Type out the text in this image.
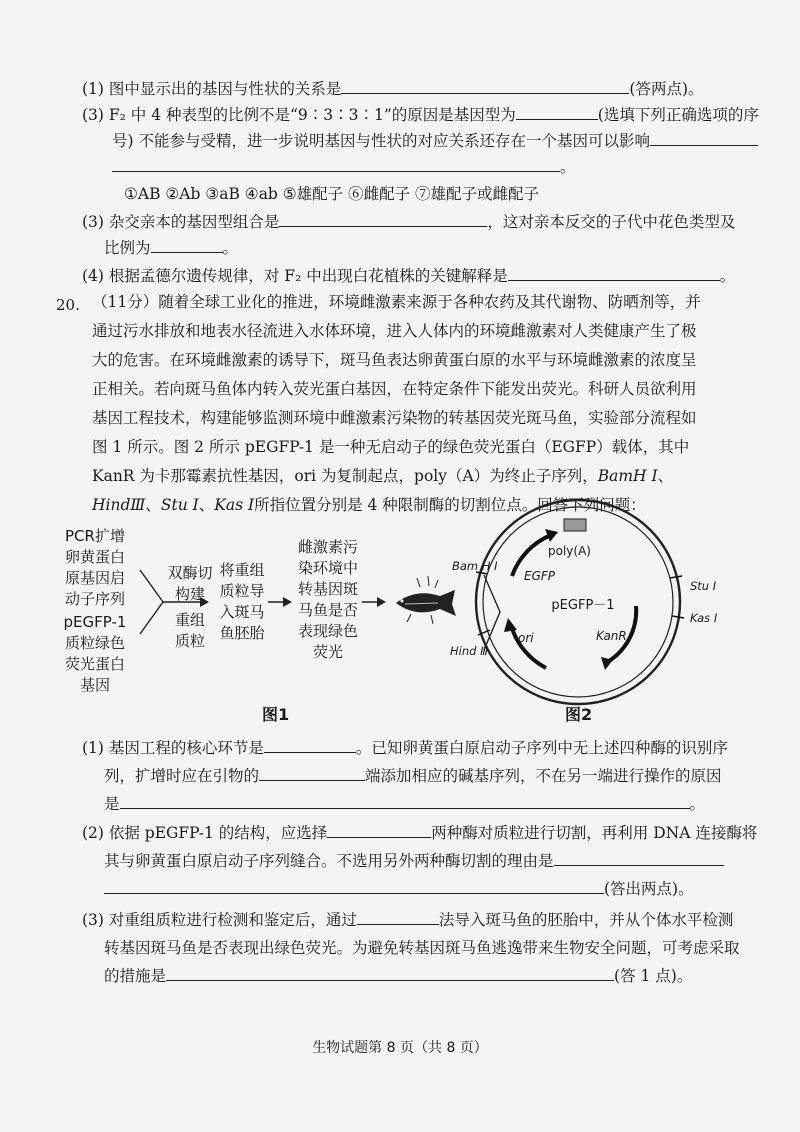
(1) 图中显示出的基因与性状的关系是	(答两点)。
(3) F₂ 中 4 种表型的比例不是“9∶3∶3∶1”的原因是基因型为	(选填下列正确选项的序
号) 不能参与受精，进一步说明基因与性状的对应关系还存在一个基因可以影响
。
①AB ②Ab ③aB ④ab ⑤雄配子 ⑥雌配子 ⑦雄配子或雌配子
(3) 杂交亲本的基因型组合是	，这对亲本反交的子代中花色类型及
比例为	。
(4) 根据孟德尔遗传规律，对 F₂ 中出现白花植株的关键解释是	。
20. （11分）随着全球工业化的推进，环境雌激素来源于各种农药及其代谢物、防晒剂等，并通过污水排放和地表水径流进入水体环境，进入人体内的环境雌激素对人类健康产生了极大的危害。在环境雌激素的诱导下，斑马鱼表达卵黄蛋白原的水平与环境雌激素的浓度呈正相关。若向斑马鱼体内转入荧光蛋白基因，在特定条件下能发出荧光。科研人员欲利用基因工程技术，构建能够监测环境中雌激素污染物的转基因荧光斑马鱼，实验部分流程如图 1 所示。图 2 所示 pEGFP-1 是一种无启动子的绿色荧光蛋白（EGFP）载体，其中 KanR 为卡那霉素抗性基因，ori 为复制起点，poly（A）为终止子序列，BamH Ⅰ、HindⅢ、Stu Ⅰ、Kas Ⅰ所指位置分别是 4 种限制酶的切割位点。回答下列问题：
PCR扩增
卵黄蛋白
原基因启
动子序列
pEGFP-1
质粒绿色
荧光蛋白
基因
双酶切
构建
重组
质粒
将重组
质粒导
入斑马
鱼胚胎
雌激素污
染环境中
转基因斑
马鱼是否
表现绿色
荧光
图1
poly(A)
EGFP
pEGFP－1
ori	KanR
Bam H Ⅰ
Hind Ⅲ
Stu Ⅰ
Kas Ⅰ
图2
(1) 基因工程的核心环节是	。已知卵黄蛋白原启动子序列中无上述四种酶的识别序
列，扩增时应在引物的	端添加相应的碱基序列，不在另一端进行操作的原因
是	。
(2) 依据 pEGFP-1 的结构，应选择	两种酶对质粒进行切割，再利用 DNA 连接酶将
其与卵黄蛋白原启动子序列缝合。不选用另外两种酶切割的理由是
(答出两点)。
(3) 对重组质粒进行检测和鉴定后，通过	法导入斑马鱼的胚胎中，并从个体水平检测
转基因斑马鱼是否表现出绿色荧光。为避免转基因斑马鱼逃逸带来生物安全问题，可考虑采取
的措施是	(答 1 点)。
生物试题第 8 页（共 8 页）
